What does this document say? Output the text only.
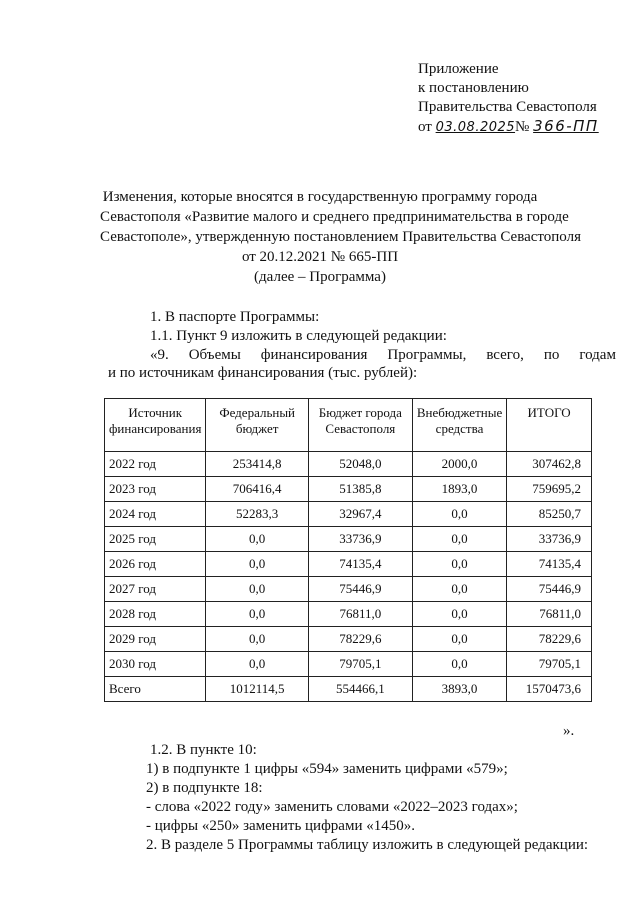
Приложение
к постановлению
Правительства Севастополя
от 03.08.2025№ 366-ПП
Изменения, которые вносятся в государственную программу города
Севастополя «Развитие малого и среднего предпринимательства в городе
Севастополе», утвержденную постановлением Правительства Севастополя
от 20.12.2021 № 665-ПП
(далее – Программа)
1. В паспорте Программы:
1.1. Пункт 9 изложить в следующей редакции:
«9. Объемы финансирования Программы, всего, по годам
и по источникам финансирования (тыс. рублей):
Источник финансирования	Федеральный бюджет	Бюджет города Севастополя	Внебюджетные средства	ИТОГО
2022 год	253414,8	52048,0	2000,0	307462,8
2023 год	706416,4	51385,8	1893,0	759695,2
2024 год	52283,3	32967,4	0,0	85250,7
2025 год	0,0	33736,9	0,0	33736,9
2026 год	0,0	74135,4	0,0	74135,4
2027 год	0,0	75446,9	0,0	75446,9
2028 год	0,0	76811,0	0,0	76811,0
2029 год	0,0	78229,6	0,0	78229,6
2030 год	0,0	79705,1	0,0	79705,1
Всего	1012114,5	554466,1	3893,0	1570473,6
».
1.2. В пункте 10:
1) в подпункте 1 цифры «594» заменить цифрами «579»;
2) в подпункте 18:
- слова «2022 году» заменить словами «2022–2023 годах»;
- цифры «250» заменить цифрами «1450».
2. В разделе 5 Программы таблицу изложить в следующей редакции:
